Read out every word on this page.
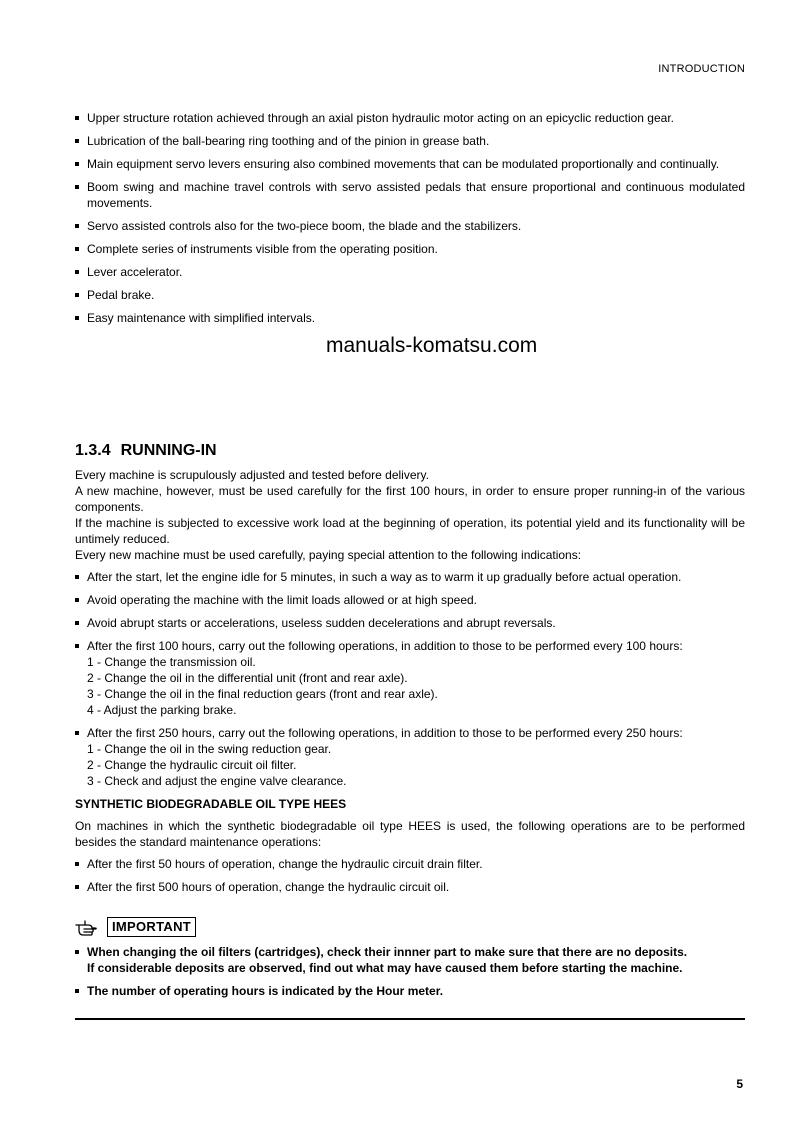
INTRODUCTION
Upper structure rotation achieved through an axial piston hydraulic motor acting on an epicyclic reduction gear.
Lubrication of the ball-bearing ring toothing and of the pinion in grease bath.
Main equipment servo levers ensuring also combined movements that can be modulated proportionally and continually.
Boom swing and machine travel controls with servo assisted pedals that ensure proportional and continuous modulated movements.
Servo assisted controls also for the two-piece boom, the blade and the stabilizers.
Complete series of instruments visible from the operating position.
Lever accelerator.
Pedal brake.
Easy maintenance with simplified intervals.
manuals-komatsu.com
1.3.4 RUNNING-IN

Every machine is scrupulously adjusted and tested before delivery.

A new machine, however, must be used carefully for the first 100 hours, in order to ensure proper running-in of the various components.

If the machine is subjected to excessive work load at the beginning of operation, its potential yield and its functionality will be untimely reduced.

Every new machine must be used carefully, paying special attention to the following indications:

After the start, let the engine idle for 5 minutes, in such a way as to warm it up gradually before actual operation.
Avoid operating the machine with the limit loads allowed or at high speed.
Avoid abrupt starts or accelerations, useless sudden decelerations and abrupt reversals.
After the first 100 hours, carry out the following operations, in addition to those to be performed every 100 hours:
1 - Change the transmission oil.
2 - Change the oil in the differential unit (front and rear axle).
3 - Change the oil in the final reduction gears (front and rear axle).
4 - Adjust the parking brake.
After the first 250 hours, carry out the following operations, in addition to those to be performed every 250 hours:
1 - Change the oil in the swing reduction gear.
2 - Change the hydraulic circuit oil filter.
3 - Check and adjust the engine valve clearance.
SYNTHETIC BIODEGRADABLE OIL TYPE HEES

On machines in which the synthetic biodegradable oil type HEES is used, the following operations are to be performed besides the standard maintenance operations:

After the first 50 hours of operation, change the hydraulic circuit drain filter.
After the first 500 hours of operation, change the hydraulic circuit oil.
IMPORTANT
When changing the oil filters (cartridges), check their innner part to make sure that there are no deposits.
If considerable deposits are observed, find out what may have caused them before starting the machine.
The number of operating hours is indicated by the Hour meter.
5
